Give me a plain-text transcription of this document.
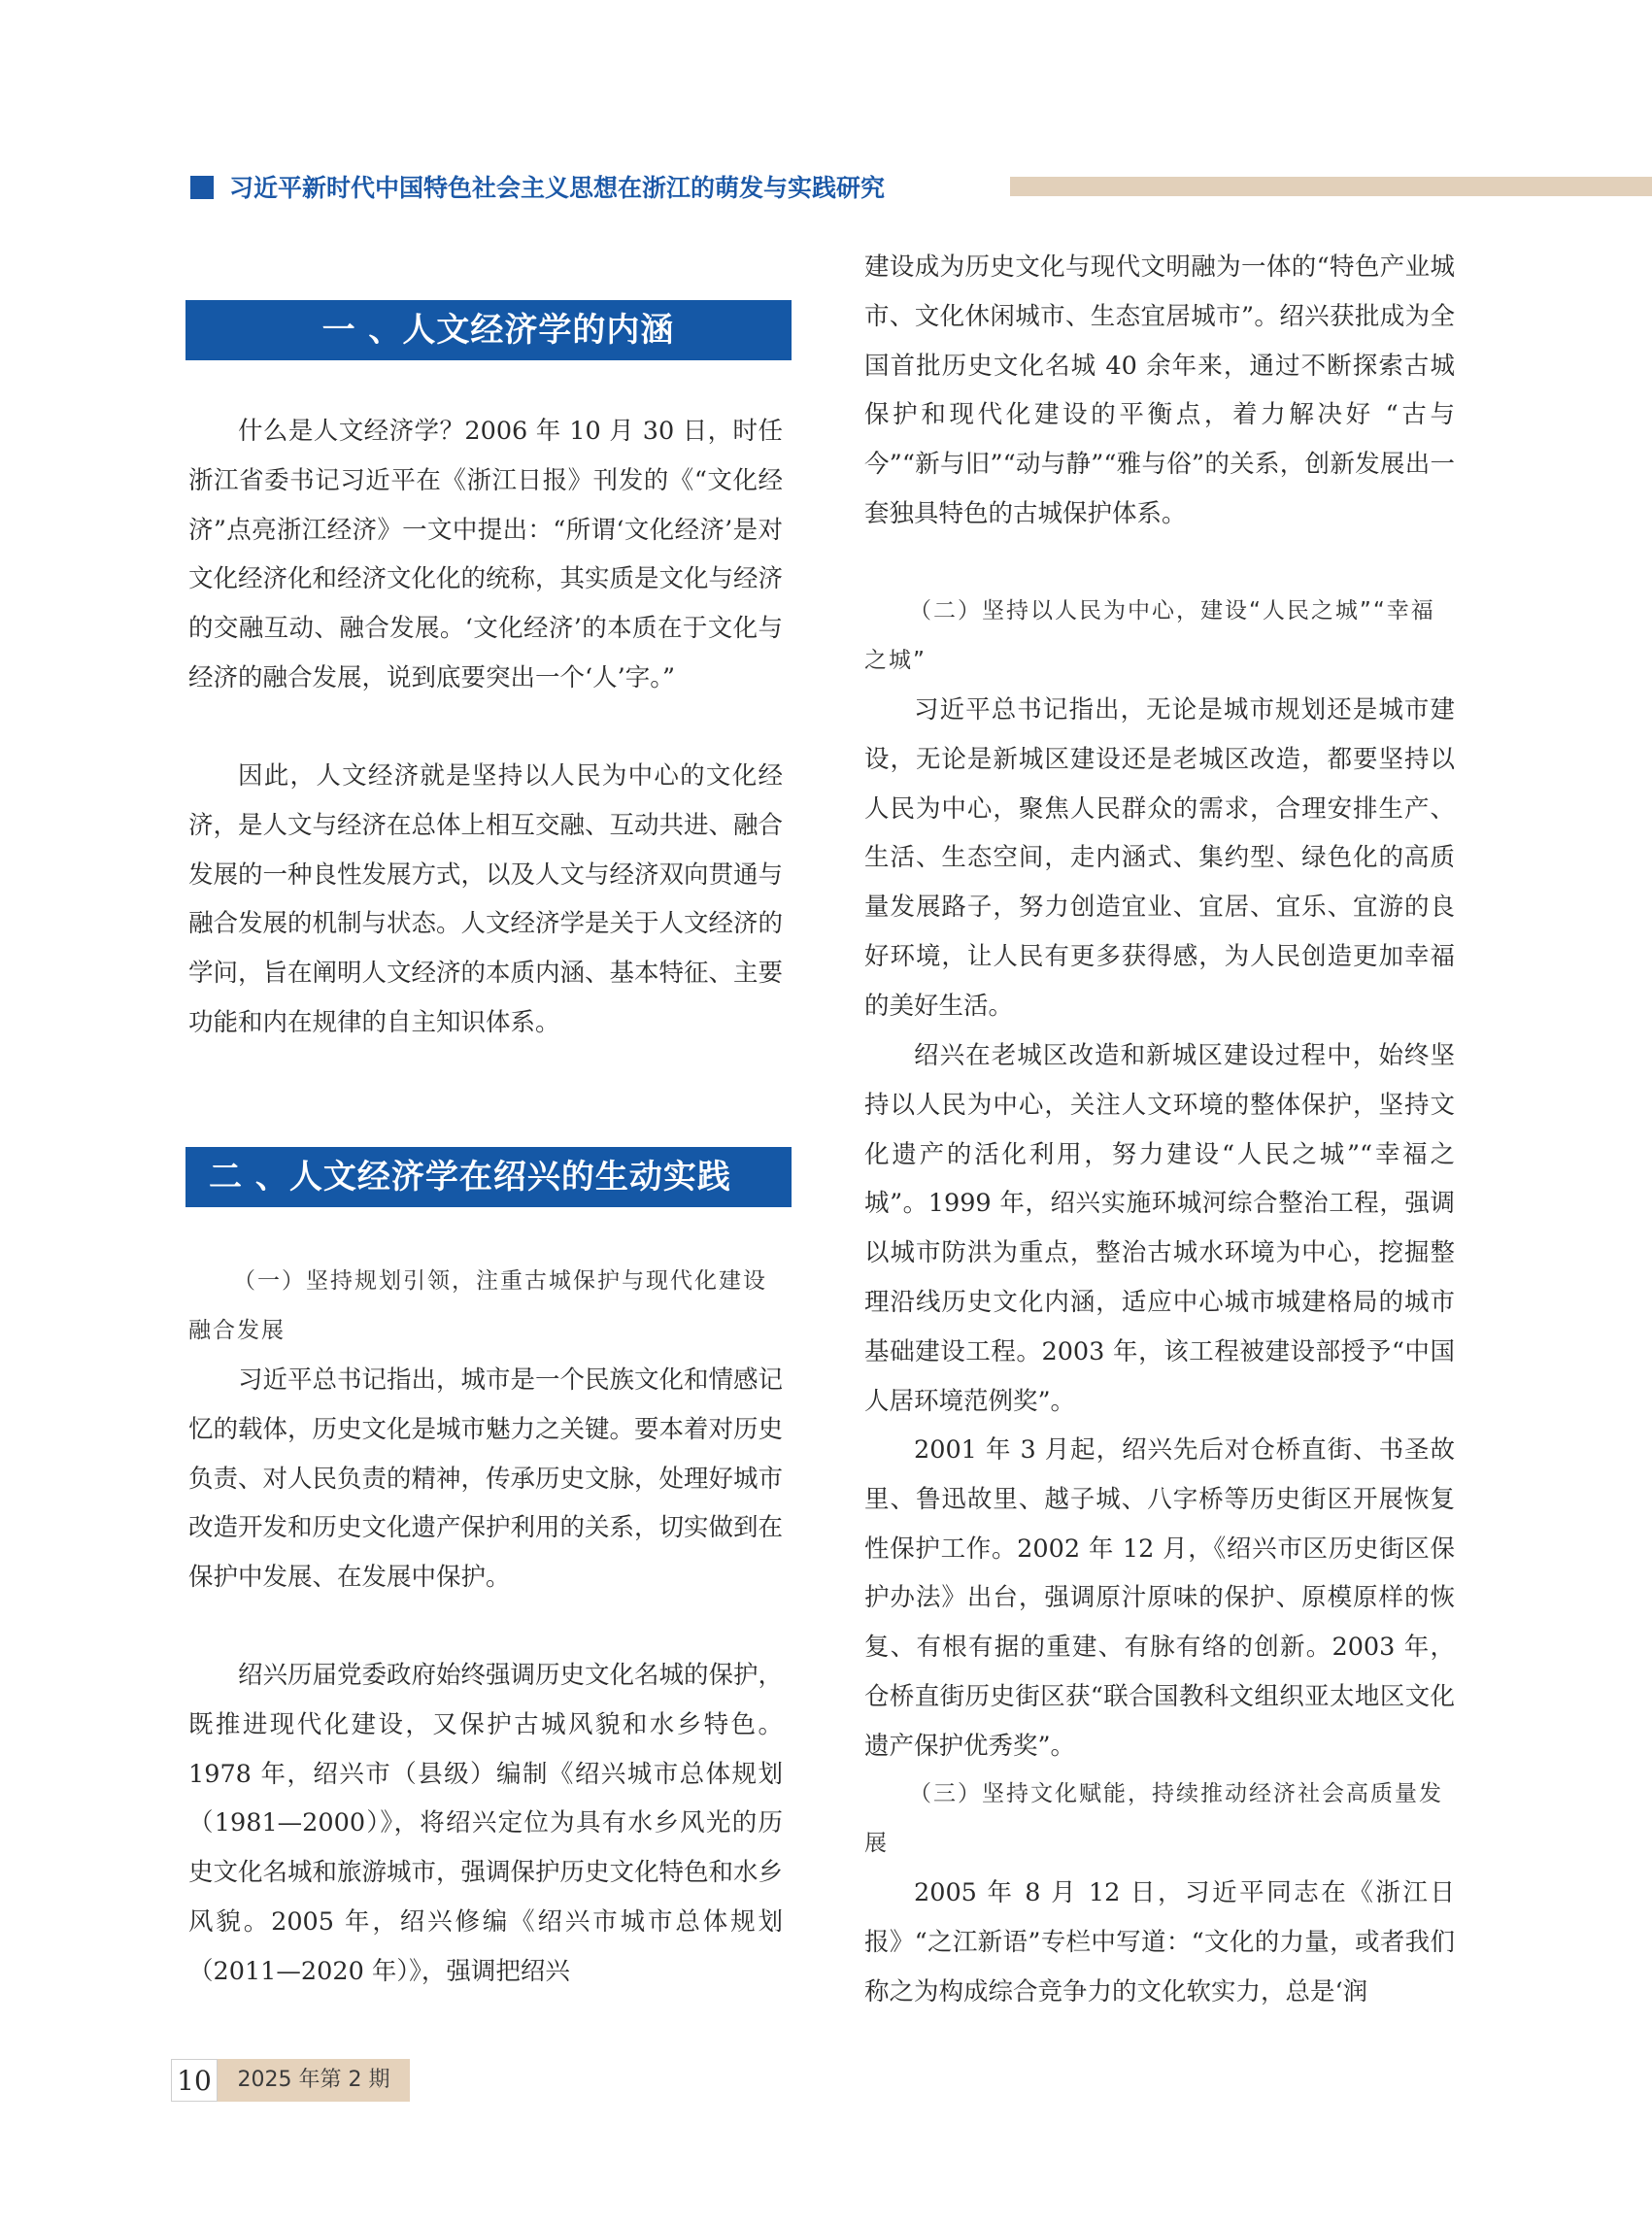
习近平新时代中国特色社会主义思想在浙江的萌发与实践研究
一 、人文经济学的内涵
二 、人文经济学在绍兴的生动实践

什么是人文经济学？2006 年 10 月 30 日，时任浙江省委书记习近平在《浙江日报》刊发的《“文化经济”点亮浙江经济》一文中提出：“所谓‘文化经济’是对文化经济化和经济文化化的统称，其实质是文化与经济的交融互动、融合发展。‘文化经济’的本质在于文化与经济的融合发展，说到底要突出一个‘人’字。”

因此，人文经济就是坚持以人民为中心的文化经济，是人文与经济在总体上相互交融、互动共进、融合发展的一种良性发展方式，以及人文与经济双向贯通与融合发展的机制与状态。人文经济学是关于人文经济的学问，旨在阐明人文经济的本质内涵、基本特征、主要功能和内在规律的自主知识体系。

（一）坚持规划引领，注重古城保护与现代化建设融合发展

习近平总书记指出，城市是一个民族文化和情感记忆的载体，历史文化是城市魅力之关键。要本着对历史负责、对人民负责的精神，传承历史文脉，处理好城市改造开发和历史文化遗产保护利用的关系，切实做到在保护中发展、在发展中保护。

绍兴历届党委政府始终强调历史文化名城的保护，既推进现代化建设，又保护古城风貌和水乡特色。1978 年，绍兴市（县级）编制《绍兴城市总体规划（1981—2000）》，将绍兴定位为具有水乡风光的历史文化名城和旅游城市，强调保护历史文化特色和水乡风貌。2005 年，绍兴修编《绍兴市城市总体规划（2011—2020 年）》，强调把绍兴

建设成为历史文化与现代文明融为一体的“特色产业城市、文化休闲城市、生态宜居城市”。绍兴获批成为全国首批历史文化名城 40 余年来，通过不断探索古城保护和现代化建设的平衡点，着力解决好 “古与今”“新与旧”“动与静”“雅与俗”的关系，创新发展出一套独具特色的古城保护体系。

（二）坚持以人民为中心，建设“人民之城”“幸福之城”

习近平总书记指出，无论是城市规划还是城市建设，无论是新城区建设还是老城区改造，都要坚持以人民为中心，聚焦人民群众的需求，合理安排生产、生活、生态空间，走内涵式、集约型、绿色化的高质量发展路子，努力创造宜业、宜居、宜乐、宜游的良好环境，让人民有更多获得感，为人民创造更加幸福的美好生活。

绍兴在老城区改造和新城区建设过程中，始终坚持以人民为中心，关注人文环境的整体保护，坚持文化遗产的活化利用，努力建设“人民之城”“幸福之城”。1999 年，绍兴实施环城河综合整治工程，强调以城市防洪为重点，整治古城水环境为中心，挖掘整理沿线历史文化内涵，适应中心城市城建格局的城市基础建设工程。2003 年，该工程被建设部授予“中国人居环境范例奖”。

2001 年 3 月起，绍兴先后对仓桥直街、书圣故里、鲁迅故里、越子城、八字桥等历史街区开展恢复性保护工作。2002 年 12 月，《绍兴市区历史街区保护办法》出台，强调原汁原味的保护、原模原样的恢复、有根有据的重建、有脉有络的创新。2003 年，仓桥直街历史街区获“联合国教科文组织亚太地区文化遗产保护优秀奖”。

（三）坚持文化赋能，持续推动经济社会高质量发展

2005 年 8 月 12 日，习近平同志在《浙江日报》“之江新语”专栏中写道：“文化的力量，或者我们称之为构成综合竞争力的文化软实力，总是‘润

10	2025 年第 2 期
